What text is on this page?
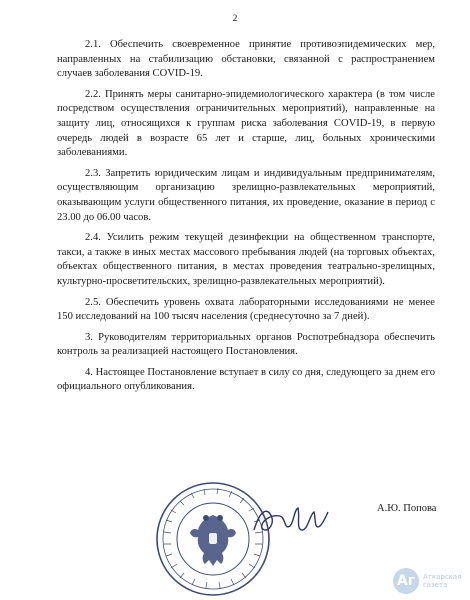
2

2.1. Обеспечить своевременное принятие противоэпидемических мер, направленных на стабилизацию обстановки, связанной с распространением случаев заболевания COVID-19.

2.2. Принять меры санитарно-эпидемиологического характера (в том числе посредством осуществления ограничительных мероприятий), направленные на защиту лиц, относящихся к группам риска заболевания COVID-19, в первую очередь людей в возрасте 65 лет и старше, лиц, больных хроническими заболеваниями.

2.3. Запретить юридическим лицам и индивидуальным предпринимателям, осуществляющим организацию зрелищно-развлекательных мероприятий, оказывающим услуги общественного питания, их проведение, оказание в период с 23.00 до 06.00 часов.

2.4. Усилить режим текущей дезинфекции на общественном транспорте, такси, а также в иных местах массового пребывания людей (на торговых объектах, объектах общественного питания, в местах проведения театрально-зрелищных, культурно-просветительских, зрелищно-развлекательных мероприятий).

2.5. Обеспечить уровень охвата лабораторными исследованиями не менее 150 исследований на 100 тысяч населения (среднесуточно за 7 дней).

3. Руководителям территориальных органов Роспотребнадзора обеспечить контроль за реализацией настоящего Постановления.

4. Настоящее Постановление вступает в силу со дня, следующего за днем его официального опубликования.

А.Ю. Попова
Аг	Аткарская
газета
